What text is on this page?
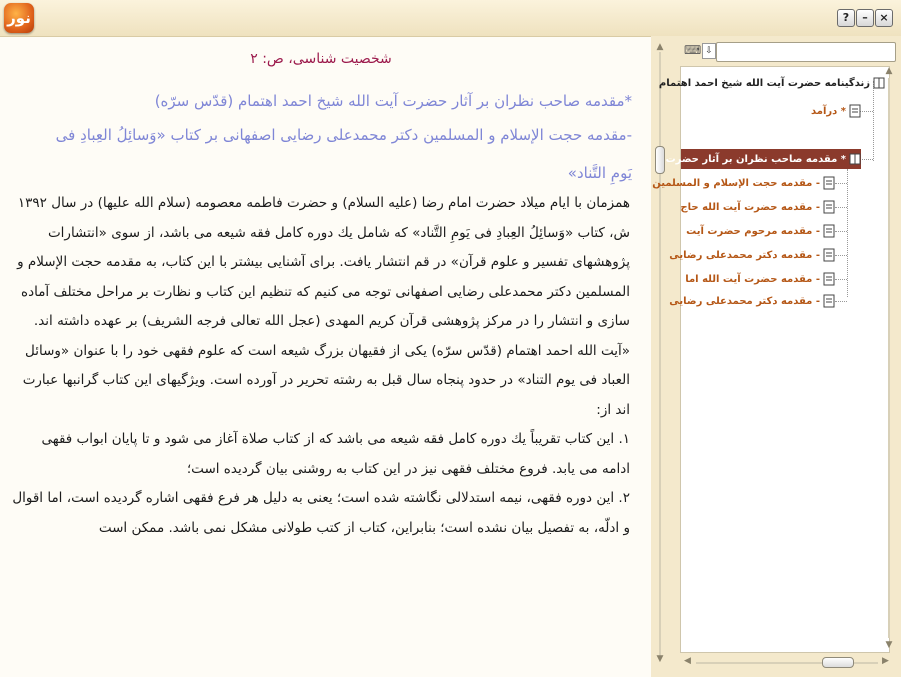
نور	?	–	×
شخصيت شناسى، ص: ٢
*مقدمه صاحب نظران بر آثار حضرت آيت الله شيخ احمد اهتمام (قدّس سرّه)
-مقدمه حجت الإسلام و المسلمين دكتر محمدعلى رضايى اصفهانى بر كتاب «وَسائِلُ العِبادِ فى
يَومِ التَّناد»

همزمان با ايام ميلاد حضرت امام رضا (عليه السلام) و حضرت فاطمه معصومه (سلام الله عليها) در سال ١٣٩٢ ش، كتاب «وَسائِلُ العِبادِ فى يَومِ التَّناد» كه شامل يك دوره كامل فقه شيعه مى باشد، از سوى «انتشارات پژوهشهاى تفسير و علوم قرآن» در قم انتشار يافت. براى آشنايى بيشتر با اين كتاب، به مقدمه حجت الإسلام و المسلمين دكتر محمدعلى رضايى اصفهانى توجه مى كنيم كه تنظيم اين كتاب و نظارت بر مراحل مختلف آماده سازى و انتشار را در مركز پژوهشى قرآن كريم المهدى (عجل الله تعالى فرجه الشريف) بر عهده داشته اند.

«آيت الله احمد اهتمام (قدّس سرّه) يكى از فقيهان بزرگ شيعه است كه علوم فقهى خود را با عنوان «وسائل العباد فى يوم التناد» در حدود پنجاه سال قبل به رشته تحرير در آورده است. ويژگيهاى اين كتاب گرانبها عبارت اند از:

١. اين كتاب تقريباً يك دوره كامل فقه شيعه مى باشد كه از كتاب صلاة آغاز مى شود و تا پايان ابواب فقهى ادامه مى يابد. فروع مختلف فقهى نيز در اين كتاب به روشنى بيان گرديده است؛

٢. اين دوره فقهى، نيمه استدلالى نگاشته شده است؛ يعنى به دليل هر فرع فقهى اشاره گرديده است، اما اقوال و ادلّه، به تفصيل بيان نشده است؛ بنابراين، كتاب از كتب طولانى مشكل نمى باشد. ممكن است

▲
▼
⌨ ⇩
زندگينامه حضرت آيت الله شيخ احمد اهتمام
* درآمد
* مقدمه صاحب نظران بر آثار حضرت
- مقدمه حجت الإسلام و المسلمين
- مقدمه حضرت آيت الله حاج
- مقدمه مرحوم حضرت آيت
- مقدمه دكتر محمدعلى رضايى
- مقدمه حضرت آيت الله اما
- مقدمه دكتر محمدعلى رضايى
◀	▶
▲
▼
